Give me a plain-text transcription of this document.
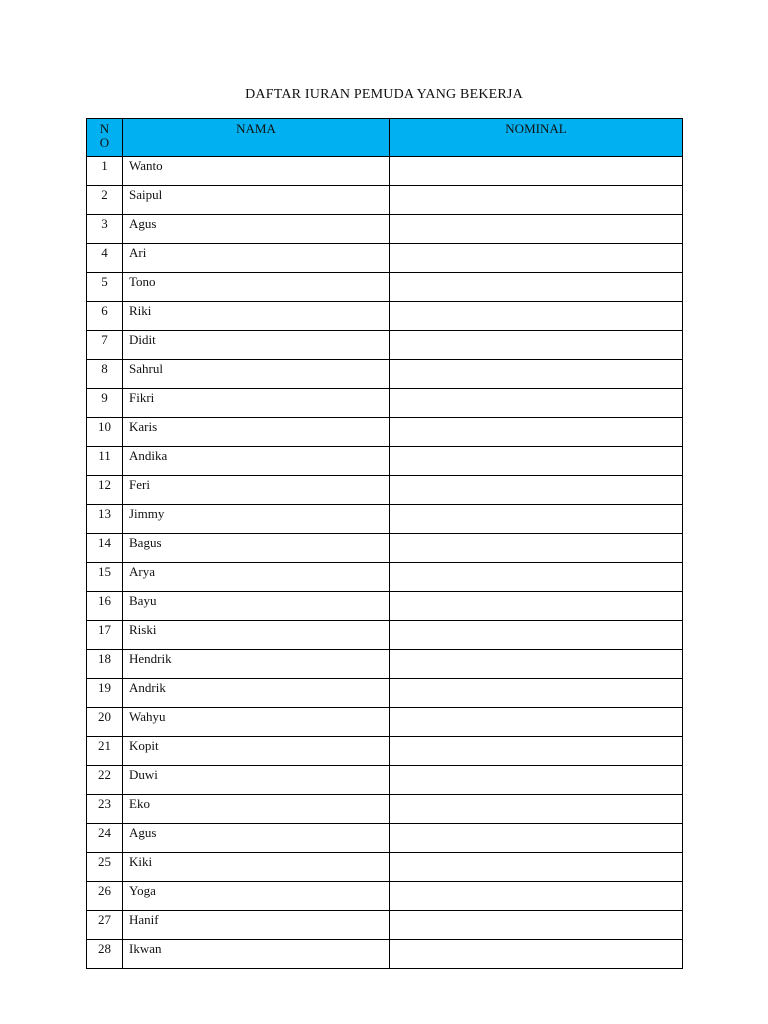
DAFTAR IURAN PEMUDA YANG BEKERJA
N
O	NAMA	NOMINAL
1	Wanto	
2	Saipul	
3	Agus	
4	Ari	
5	Tono	
6	Riki	
7	Didit	
8	Sahrul	
9	Fikri	
10	Karis	
11	Andika	
12	Feri	
13	Jimmy	
14	Bagus	
15	Arya	
16	Bayu	
17	Riski	
18	Hendrik	
19	Andrik	
20	Wahyu	
21	Kopit	
22	Duwi	
23	Eko	
24	Agus	
25	Kiki	
26	Yoga	
27	Hanif	
28	Ikwan	
